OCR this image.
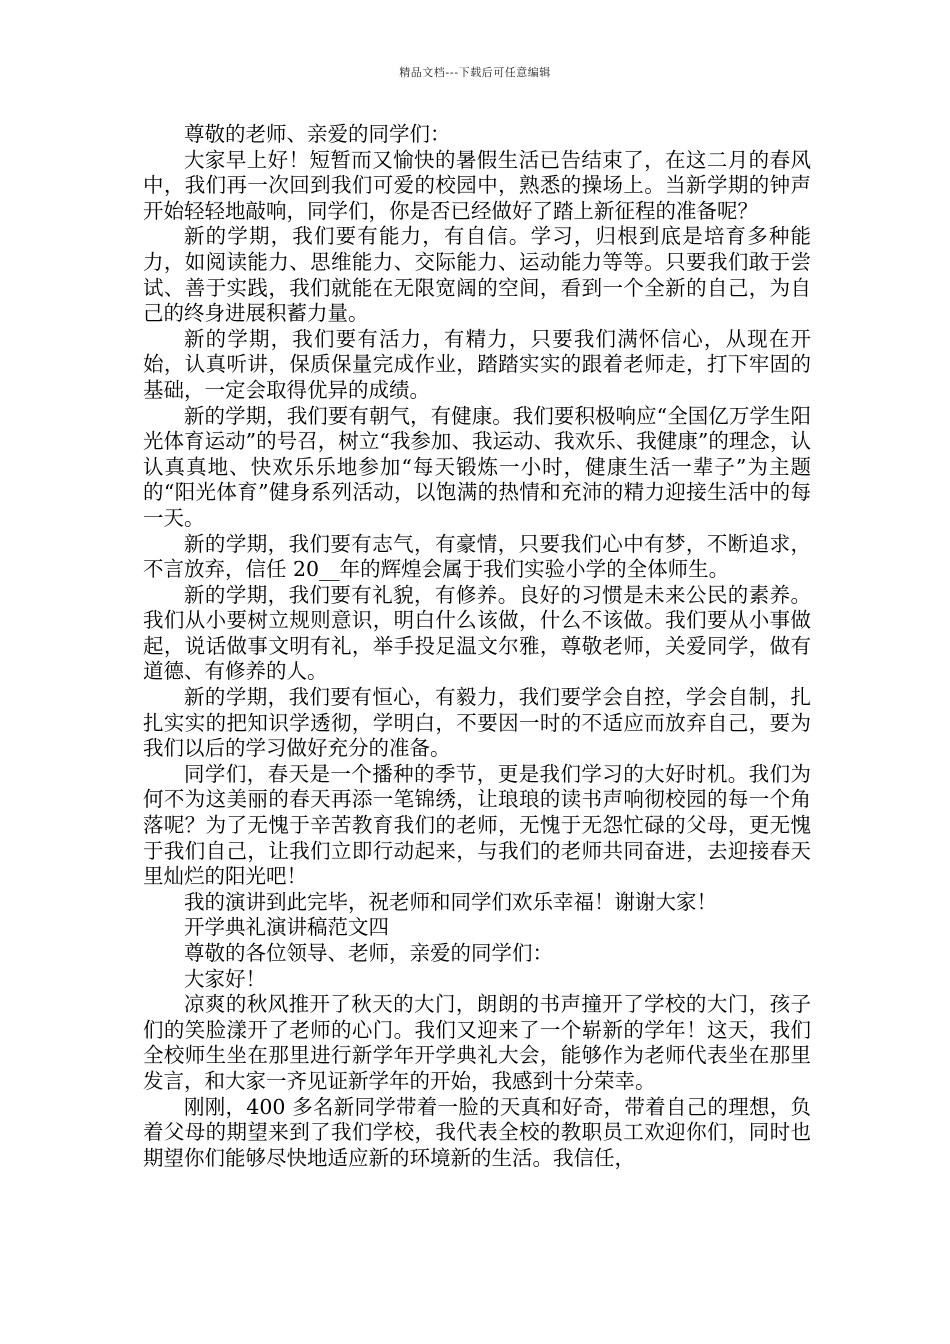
精品文档---下载后可任意编辑

尊敬的老师、亲爱的同学们：

大家早上好！短暂而又愉快的暑假生活已告结束了，在这二月的春风中，我们再一次回到我们可爱的校园中，熟悉的操场上。当新学期的钟声开始轻轻地敲响，同学们，你是否已经做好了踏上新征程的准备呢？

新的学期，我们要有能力，有自信。学习，归根到底是培育多种能力，如阅读能力、思维能力、交际能力、运动能力等等。只要我们敢于尝试、善于实践，我们就能在无限宽阔的空间，看到一个全新的自己，为自己的终身进展积蓄力量。

新的学期，我们要有活力，有精力，只要我们满怀信心，从现在开始，认真听讲，保质保量完成作业，踏踏实实的跟着老师走，打下牢固的基础，一定会取得优异的成绩。

新的学期，我们要有朝气，有健康。我们要积极响应“全国亿万学生阳光体育运动”的号召，树立“我参加、我运动、我欢乐、我健康”的理念，认认真真地、快欢乐乐地参加“每天锻炼一小时，健康生活一辈子”为主题的“阳光体育”健身系列活动，以饱满的热情和充沛的精力迎接生活中的每一天。

新的学期，我们要有志气，有豪情，只要我们心中有梦，不断追求，不言放弃，信任 20__年的辉煌会属于我们实验小学的全体师生。

新的学期，我们要有礼貌，有修养。良好的习惯是未来公民的素养。我们从小要树立规则意识，明白什么该做，什么不该做。我们要从小事做起，说话做事文明有礼，举手投足温文尔雅，尊敬老师，关爱同学，做有道德、有修养的人。

新的学期，我们要有恒心，有毅力，我们要学会自控，学会自制，扎扎实实的把知识学透彻，学明白，不要因一时的不适应而放弃自己，要为我们以后的学习做好充分的准备。

同学们，春天是一个播种的季节，更是我们学习的大好时机。我们为何不为这美丽的春天再添一笔锦绣，让琅琅的读书声响彻校园的每一个角落呢？为了无愧于辛苦教育我们的老师，无愧于无怨忙碌的父母，更无愧于我们自己，让我们立即行动起来，与我们的老师共同奋进，去迎接春天里灿烂的阳光吧！

我的演讲到此完毕，祝老师和同学们欢乐幸福！谢谢大家！

开学典礼演讲稿范文四

尊敬的各位领导、老师，亲爱的同学们：

大家好！

凉爽的秋风推开了秋天的大门，朗朗的书声撞开了学校的大门，孩子们的笑脸漾开了老师的心门。我们又迎来了一个崭新的学年！这天，我们全校师生坐在那里进行新学年开学典礼大会，能够作为老师代表坐在那里发言，和大家一齐见证新学年的开始，我感到十分荣幸。

刚刚，400 多名新同学带着一脸的天真和好奇，带着自己的理想，负着父母的期望来到了我们学校，我代表全校的教职员工欢迎你们，同时也期望你们能够尽快地适应新的环境新的生活。我信任，
